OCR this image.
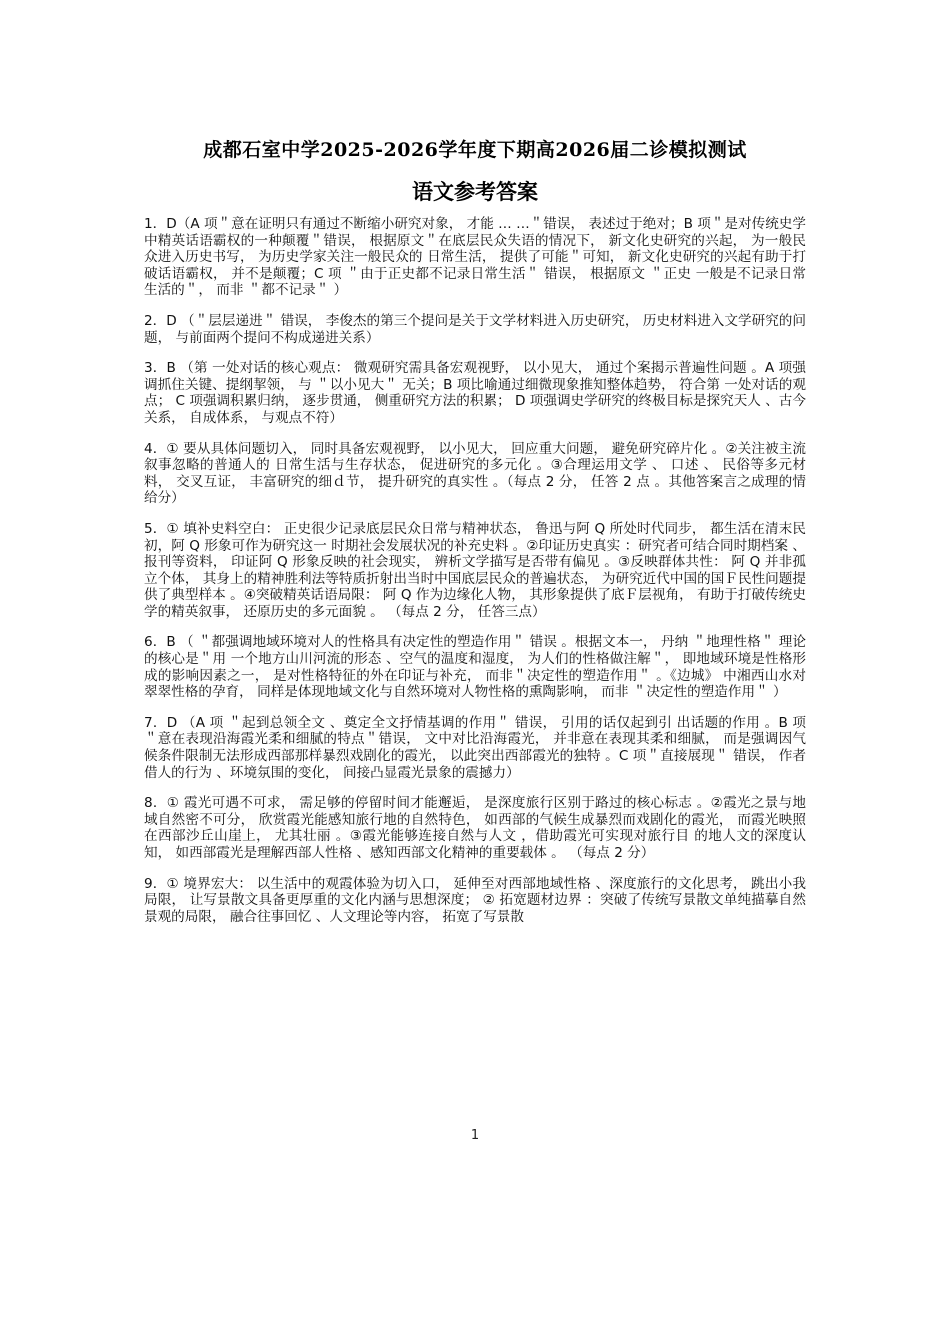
成都石室中学2025-2026学年度下期高2026届二诊模拟测试
语文参考答案

1．D（A 项＂意在证明只有通过不断缩小研究对象， 才能 … …＂错误， 表述过于绝对；B 项＂是对传统史学中精英话语霸权的一种颠覆＂错误， 根据原文＂在底层民众失语的情况下， 新文化史研究的兴起， 为一般民众进入历史书写， 为历史学家关注一般民众的 日常生活， 提供了可能＂可知， 新文化史研究的兴起有助于打破话语霸权， 并不是颠覆；C 项 ＂由于正史都不记录日常生活＂ 错误， 根据原文 ＂正史 一般是不记录日常生活的＂， 而非 ＂都不记录＂ ）

2．D （＂层层递进＂ 错误， 李俊杰的第三个提问是关于文学材料进入历史研究， 历史材料进入文学研究的问题， 与前面两个提问不构成递进关系）

3．B （第 一处对话的核心观点： 微观研究需具备宏观视野， 以小见大， 通过个案揭示普遍性问题 。A 项强调抓住关键、提纲挈领， 与 ＂以小见大＂ 无关；B 项比喻通过细微现象推知整体趋势， 符合第 一处对话的观点； C 项强调积累归纳， 逐步贯通， 侧重研究方法的积累； D 项强调史学研究的终极目标是探究天人 、古今关系， 自成体系， 与观点不符）

4．① 要从具体问题切入， 同时具备宏观视野， 以小见大， 回应重大问题， 避免研究碎片化 。②关注被主流叙事忽略的普通人的 日常生活与生存状态， 促进研究的多元化 。③合理运用文学 、 口述 、 民俗等多元材料， 交叉互证， 丰富研究的细ｄ节， 提升研究的真实性 。（每点 2 分， 任答 2 点 。其他答案言之成理的情给分）

5．① 填补史料空白： 正史很少记录底层民众日常与精神状态， 鲁迅与阿 Q 所处时代同步， 都生活在清末民初，阿 Q 形象可作为研究这一 时期社会发展状况的补充史料 。②印证历史真实 ：研究者可结合同时期档案 、报刊等资料， 印证阿 Q 形象反映的社会现实， 辨析文学描写是否带有偏见 。③反映群体共性： 阿 Q 并非孤立个体， 其身上的精神胜利法等特质折射出当时中国底层民众的普遍状态， 为研究近代中国的国Ｆ民性问题提供了典型样本 。④突破精英话语局限： 阿 Q 作为边缘化人物， 其形象提供了底Ｆ层视角， 有助于打破传统史学的精英叙事， 还原历史的多元面貌 。 （每点 2 分， 任答三点）

6．B （ ＂都强调地域环境对人的性格具有决定性的塑造作用＂ 错误 。根据文本一， 丹纳 ＂地理性格＂ 理论的核心是＂用 一个地方山川河流的形态 、空气的温度和湿度， 为人们的性格做注解＂， 即地域环境是性格形成的影响因素之一， 是对性格特征的外在印证与补充， 而非＂决定性的塑造作用＂ 。《边城》 中湘西山水对翠翠性格的孕育， 同样是体现地域文化与自然环境对人物性格的熏陶影响， 而非 ＂决定性的塑造作用＂ ）

7．D （A 项 ＂起到总领全文 、奠定全文抒情基调的作用＂ 错误， 引用的话仅起到引 出话题的作用 。B 项 ＂意在表现沿海霞光柔和细腻的特点＂错误， 文中对比沿海霞光， 并非意在表现其柔和细腻， 而是强调因气候条件限制无法形成西部那样暴烈戏剧化的霞光， 以此突出西部霞光的独特 。C 项＂直接展现＂ 错误， 作者借人的行为 、环境氛围的变化， 间接凸显霞光景象的震撼力）

8．① 霞光可遇不可求， 需足够的停留时间才能邂逅， 是深度旅行区别于路过的核心标志 。②霞光之景与地域自然密不可分， 欣赏霞光能感知旅行地的自然特色， 如西部的气候生成暴烈而戏剧化的霞光， 而霞光映照在西部沙丘山崖上， 尤其壮丽 。③霞光能够连接自然与人文 ，借助霞光可实现对旅行目 的地人文的深度认知， 如西部霞光是理解西部人性格 、感知西部文化精神的重要载体 。 （每点 2 分）

9．① 境界宏大： 以生活中的观霞体验为切入口， 延伸至对西部地域性格 、深度旅行的文化思考， 跳出小我局限， 让写景散文具备更厚重的文化内涵与思想深度； ② 拓宽题材边界 ：突破了传统写景散文单纯描摹自然景观的局限， 融合往事回忆 、人文理论等内容， 拓宽了写景散

1
